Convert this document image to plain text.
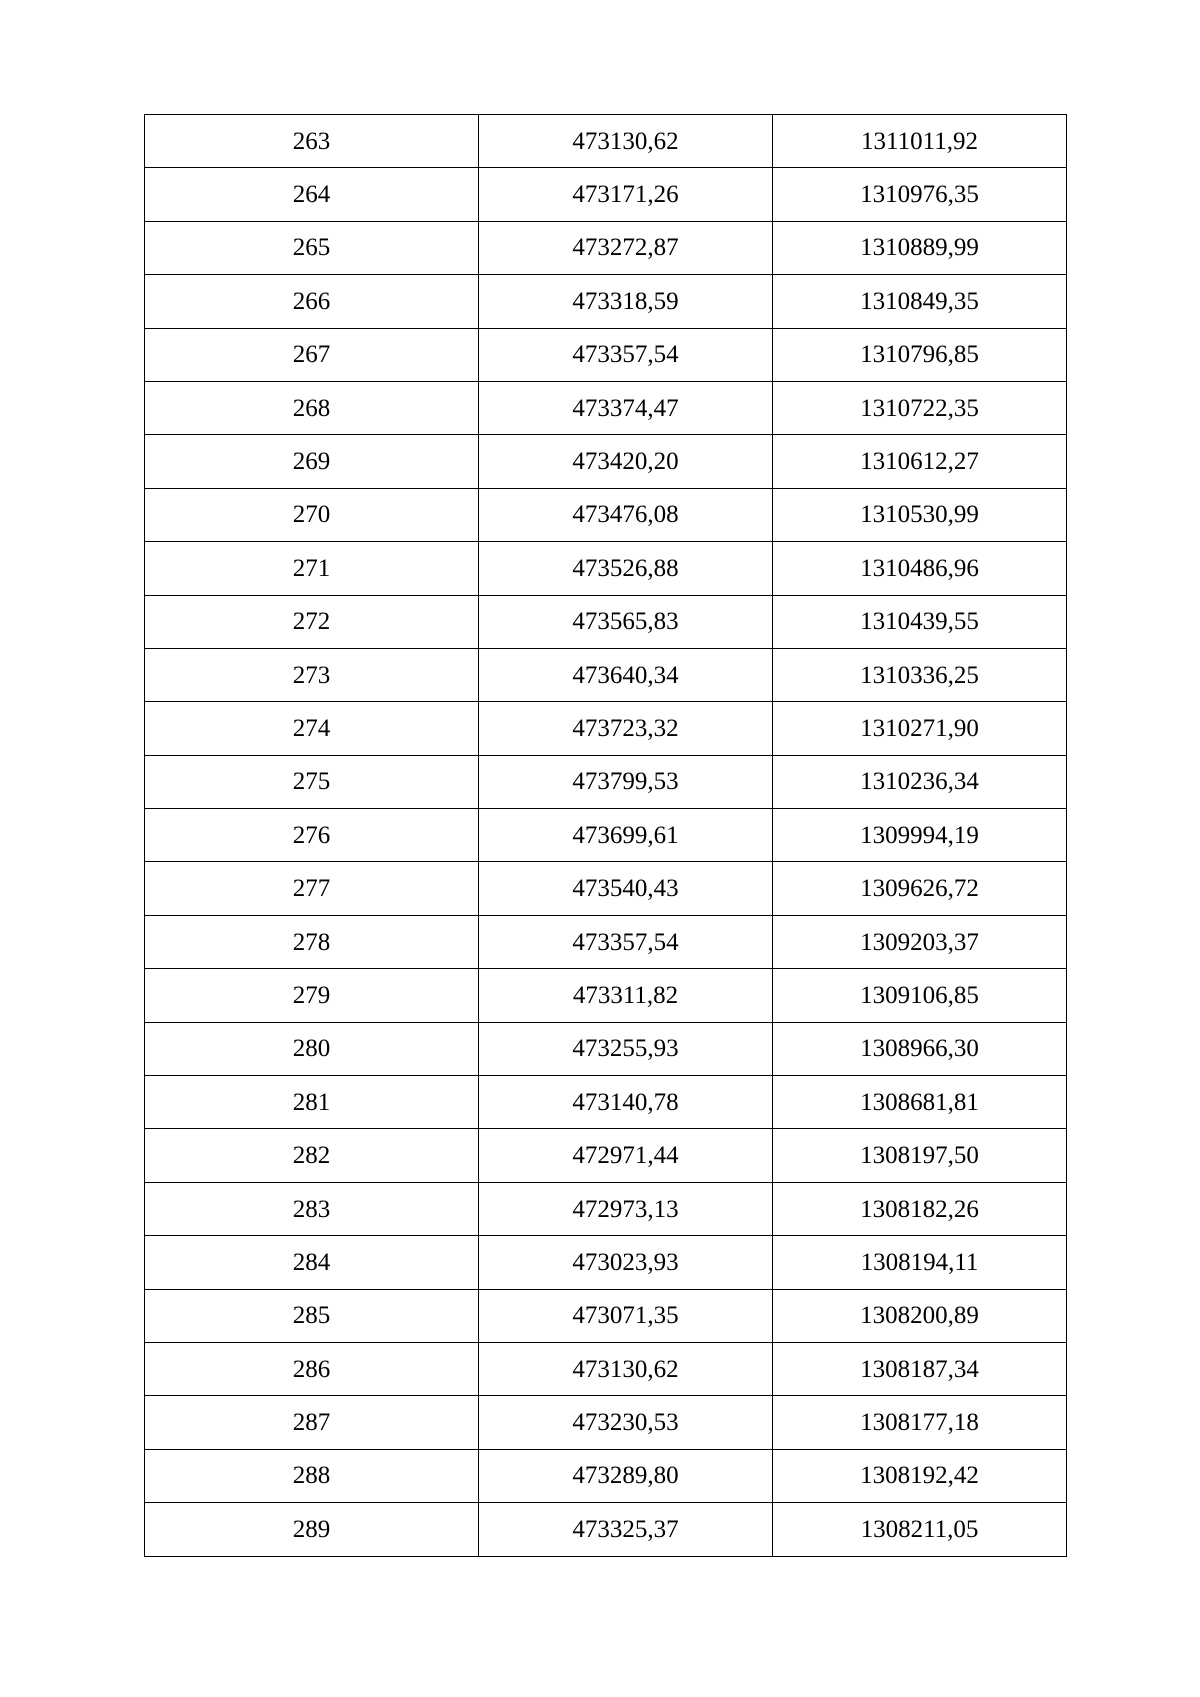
263	473130,62	1311011,92
264	473171,26	1310976,35
265	473272,87	1310889,99
266	473318,59	1310849,35
267	473357,54	1310796,85
268	473374,47	1310722,35
269	473420,20	1310612,27
270	473476,08	1310530,99
271	473526,88	1310486,96
272	473565,83	1310439,55
273	473640,34	1310336,25
274	473723,32	1310271,90
275	473799,53	1310236,34
276	473699,61	1309994,19
277	473540,43	1309626,72
278	473357,54	1309203,37
279	473311,82	1309106,85
280	473255,93	1308966,30
281	473140,78	1308681,81
282	472971,44	1308197,50
283	472973,13	1308182,26
284	473023,93	1308194,11
285	473071,35	1308200,89
286	473130,62	1308187,34
287	473230,53	1308177,18
288	473289,80	1308192,42
289	473325,37	1308211,05
